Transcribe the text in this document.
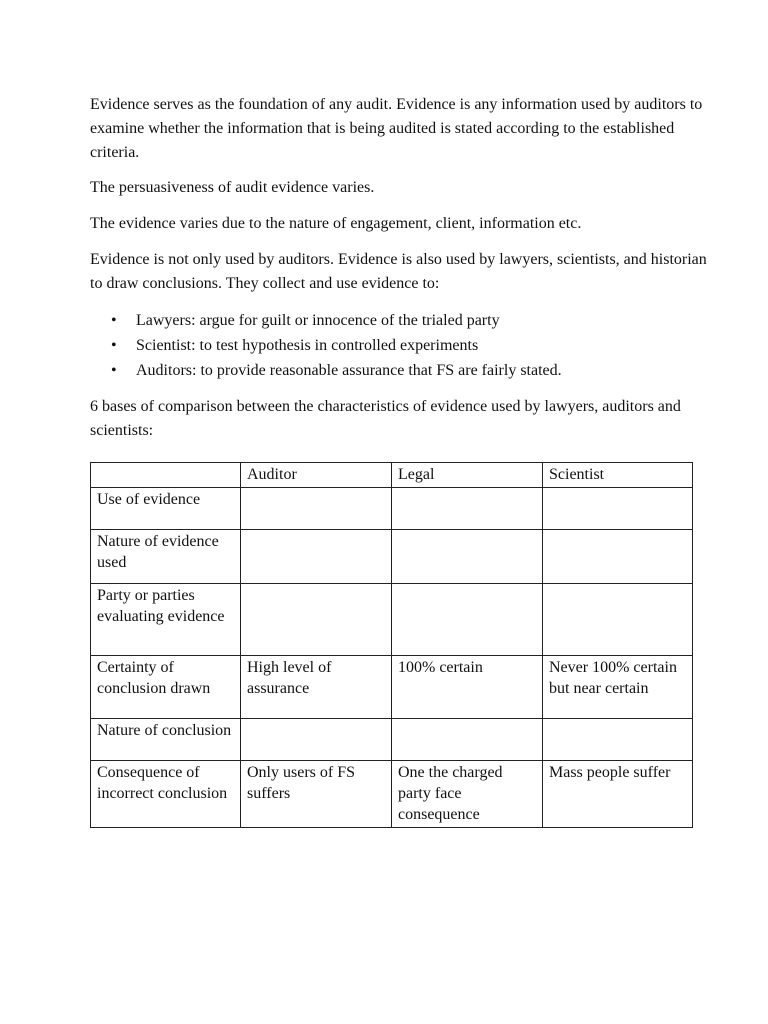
Evidence serves as the foundation of any audit. Evidence is any information used by auditors to examine whether the information that is being audited is stated according to the established criteria.

The persuasiveness of audit evidence varies.

The evidence varies due to the nature of engagement, client, information etc.

Evidence is not only used by auditors. Evidence is also used by lawyers, scientists, and historian to draw conclusions. They collect and use evidence to:

• Lawyers: argue for guilt or innocence of the trialed party
• Scientist: to test hypothesis in controlled experiments
• Auditors: to provide reasonable assurance that FS are fairly stated.

6 bases of comparison between the characteristics of evidence used by lawyers, auditors and scientists:

	Auditor	Legal	Scientist
Use of evidence			
Nature of evidence used			
Party or parties evaluating evidence			
Certainty of conclusion drawn	High level of assurance	100% certain	Never 100% certain but near certain
Nature of conclusion			
Consequence of incorrect conclusion	Only users of FS suffers	One the charged party face consequence	Mass people suffer
